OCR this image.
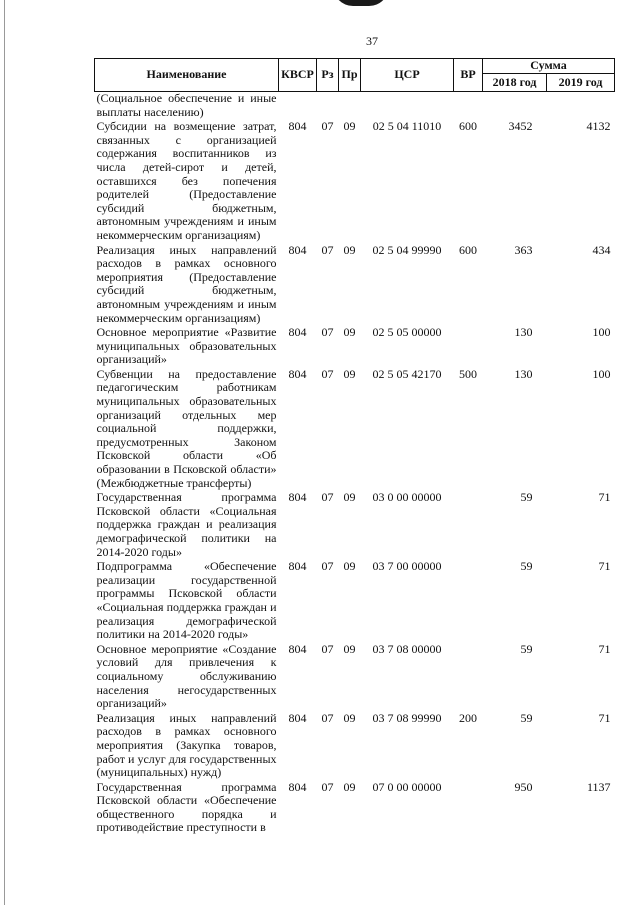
37
Наименование	КВСР	Рз	Пр	ЦСР	ВР	Сумма	
						2018 год	2019 год
(Социальное обеспечение и иные выплаты населению)							
Субсидии на возмещение затрат, связанных с организацией содержания воспитанников из числа детей-сирот и детей, оставшихся без попечения родителей (Предоставление субсидий бюджетным, автономным учреждениям и иным некоммерческим организациям)	804	07	09	02 5 04 11010	600	3452	4132
Реализация иных направлений расходов в рамках основного мероприятия (Предоставление субсидий бюджетным, автономным учреждениям и иным некоммерческим организациям)	804	07	09	02 5 04 99990	600	363	434
Основное мероприятие «Развитие муниципальных образовательных организаций»	804	07	09	02 5 05 00000		130	100
Субвенции на предоставление педагогическим работникам муниципальных образовательных организаций отдельных мер социальной поддержки, предусмотренных Законом Псковской области «Об образовании в Псковской области» (Межбюджетные трансферты)	804	07	09	02 5 05 42170	500	130	100
Государственная программа Псковской области «Социальная поддержка граждан и реализация демографической политики на 2014-2020 годы»	804	07	09	03 0 00 00000		59	71
Подпрограмма «Обеспечение реализации государственной программы Псковской области «Социальная поддержка граждан и реализация демографической политики на 2014-2020 годы»	804	07	09	03 7 00 00000		59	71
Основное мероприятие «Создание условий для привлечения к социальному обслуживанию населения негосударственных организаций»	804	07	09	03 7 08 00000		59	71
Реализация иных направлений расходов в рамках основного мероприятия (Закупка товаров, работ и услуг для государственных (муниципальных) нужд)	804	07	09	03 7 08 99990	200	59	71
Государственная программа Псковской области «Обеспечение общественного порядка и противодействие преступности в	804	07	09	07 0 00 00000		950	1137
